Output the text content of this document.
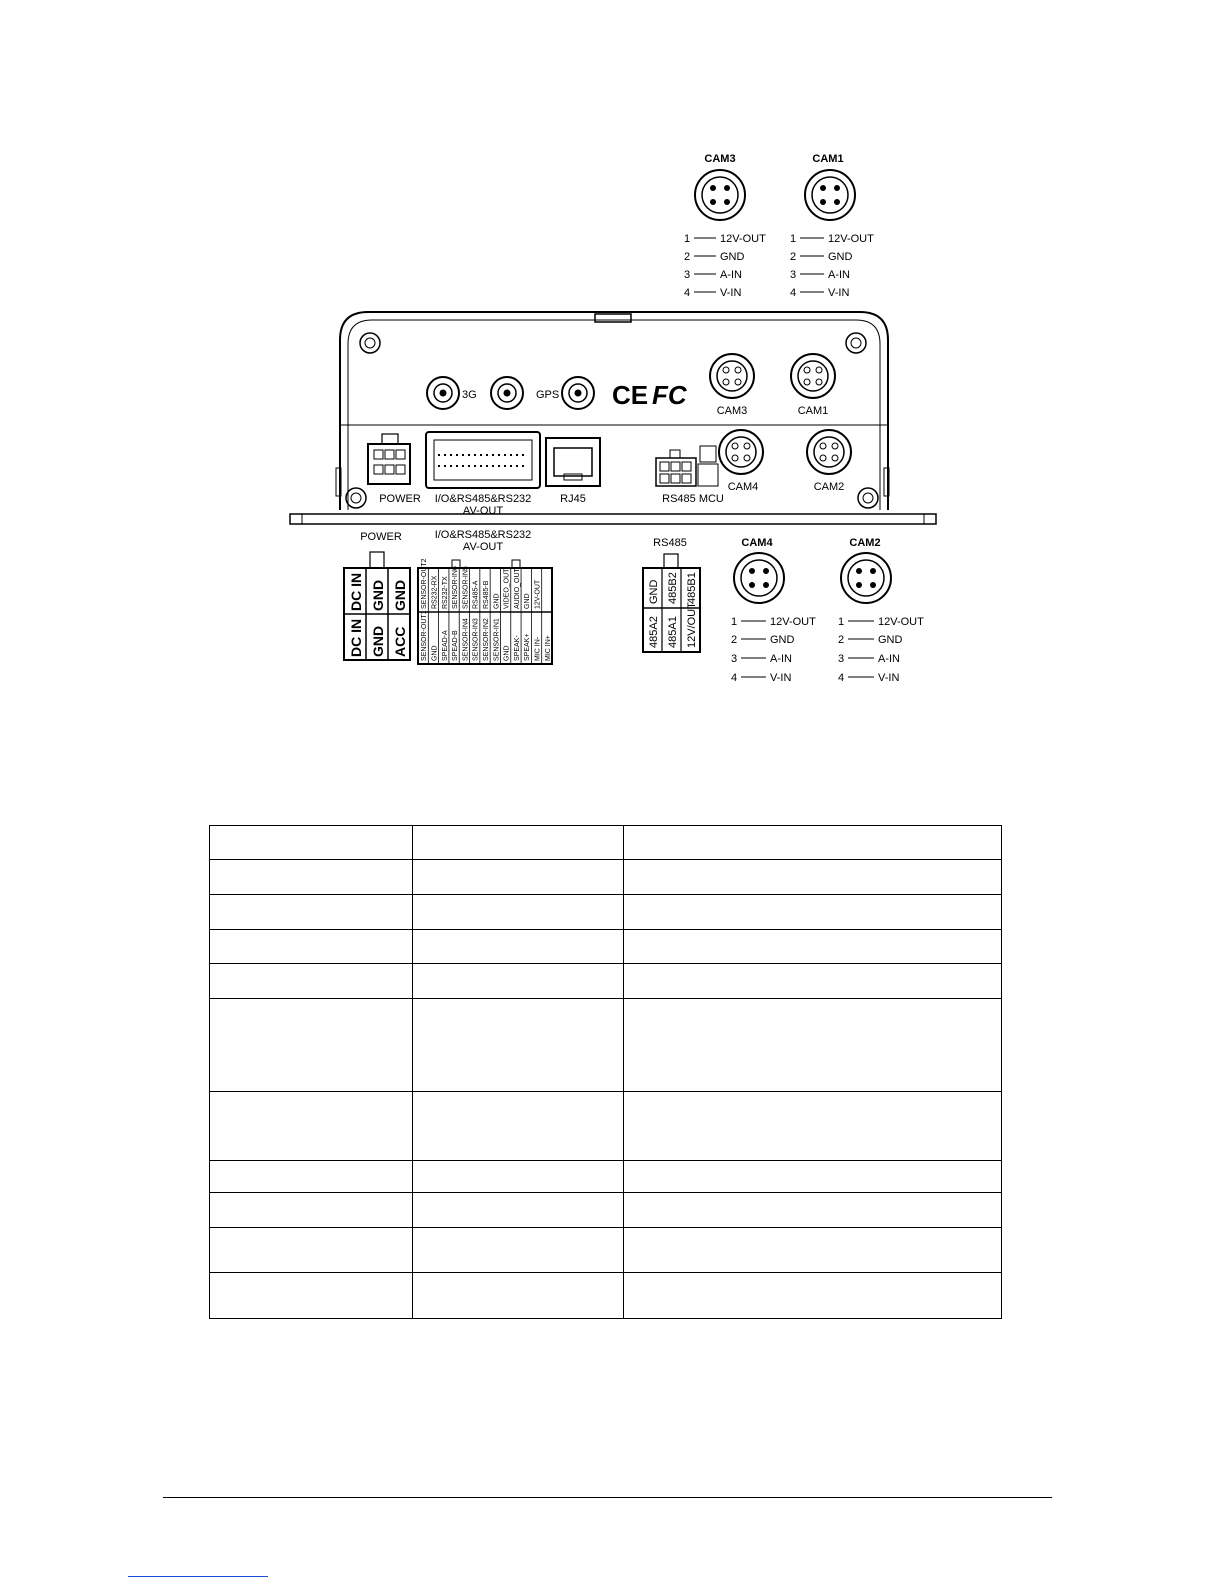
CAM3
1	12V-OUT
2	GND
3	A-IN
4	V-IN
CAM1
1	12V-OUT
2	GND
3	A-IN
4	V-IN
3G	GPS CE FC
CAM3	CAM1
CAM4	CAM2
POWER I/O&RS485&RS232
AV-OUT
RJ45	RS485 MCU
POWER
DC IN GND GND
DC IN GND ACC
I/O&RS485&RS232
AV-OUT
SENSOR-OUT2 RS232-RX RS232-TX SENSOR-IN6 SENSOR-IN5 RS485-A RS485-B GND VIDEO_OUT AUDIO_OUT GND 12V-OUT
SENSOR-OUT1 GND SPEAD-A SPEAD-B SENSOR-IN4 SENSOR-IN3 SENSOR-IN2 SENSOR-IN1 GND SPEAK- SPEAK+ MIC IN- MIC IN+
RS485
GND 485B2 485B1
485A2 485A1 12V/OUT
CAM4
1	12V-OUT
2	GND
3	A-IN
4	V-IN
CAM2
1	12V-OUT
2	GND
3	A-IN
4	V-IN
